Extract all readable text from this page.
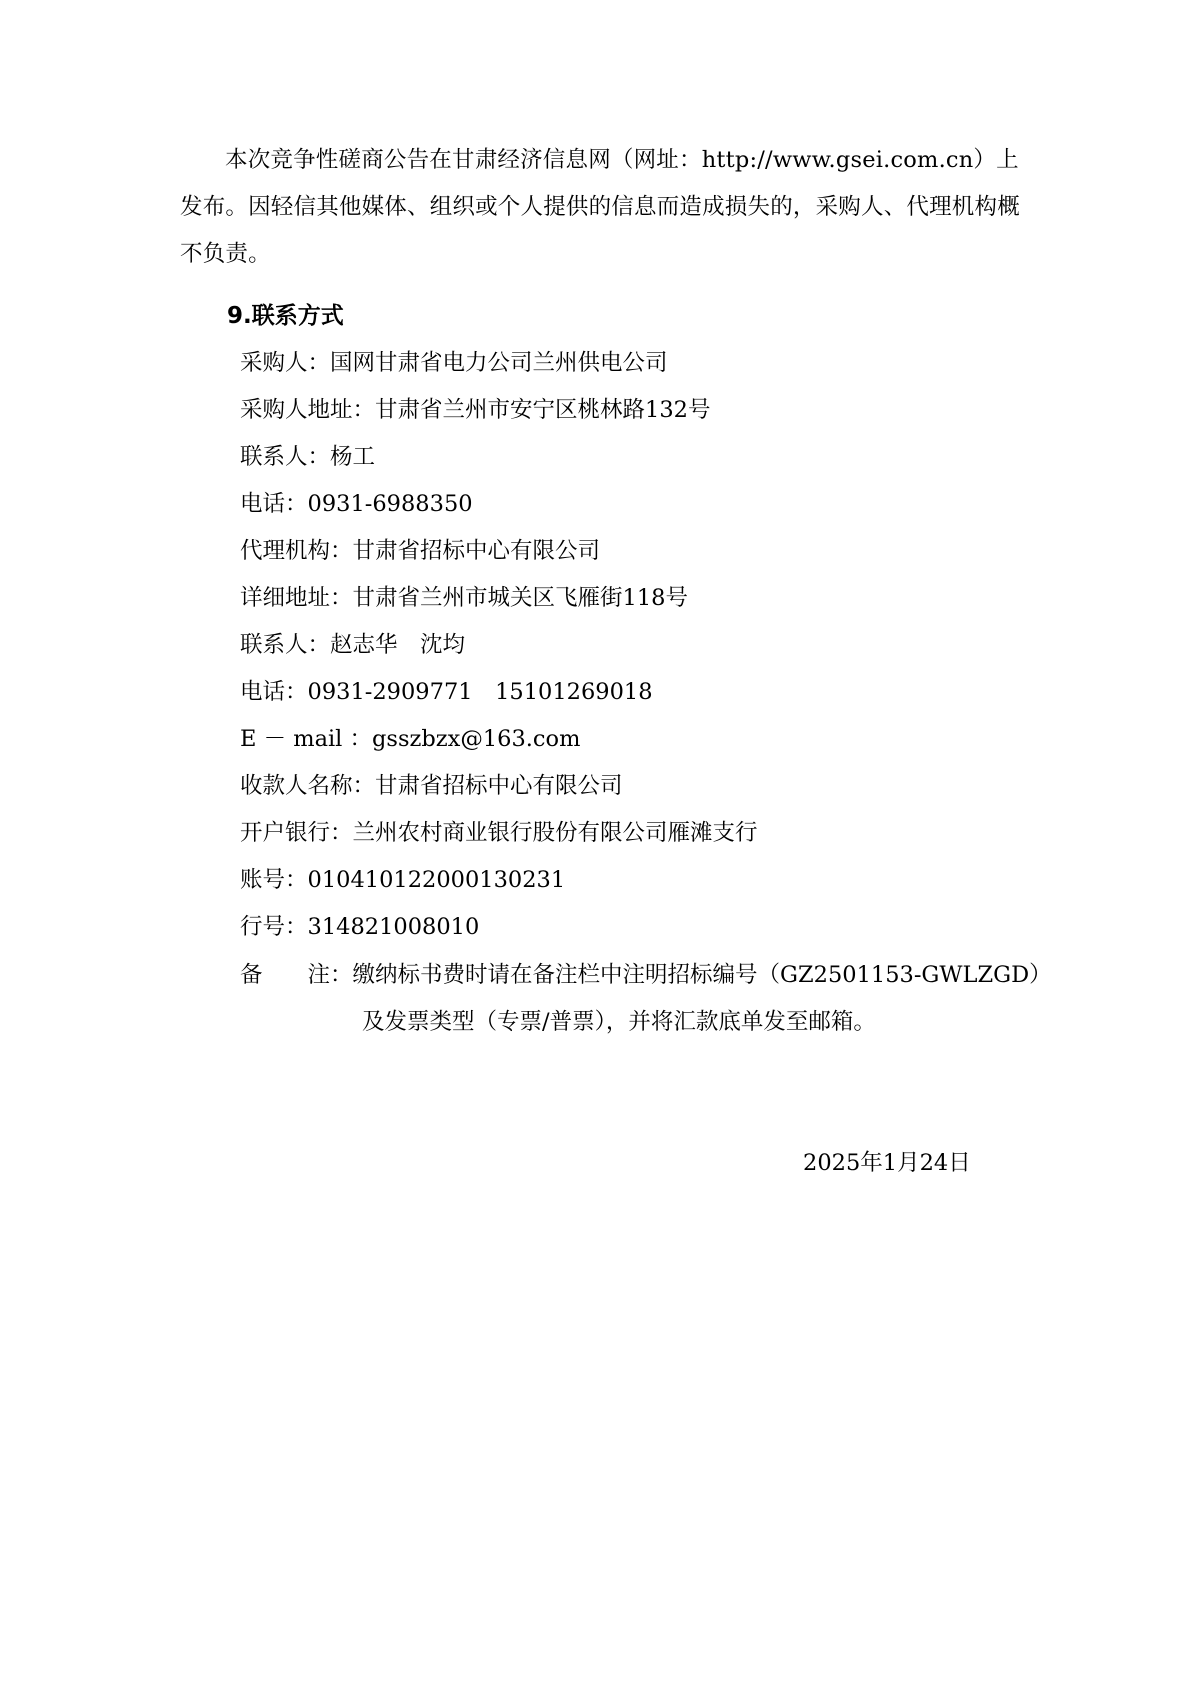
本次竞争性磋商公告在甘肃经济信息网（网址：http://www.gsei.com.cn）上发布。因轻信其他媒体、组织或个人提供的信息而造成损失的，采购人、代理机构概不负责。

9.联系方式
采购人：国网甘肃省电力公司兰州供电公司
采购人地址：甘肃省兰州市安宁区桃林路132号
联系人：杨工
电话：0931-6988350
代理机构：甘肃省招标中心有限公司
详细地址：甘肃省兰州市城关区飞雁街118号
联系人：赵志华　沈均
电话：0931-2909771　15101269018
E － mail ：gsszbzx@163.com
收款人名称：甘肃省招标中心有限公司
开户银行：兰州农村商业银行股份有限公司雁滩支行
账号：010410122000130231
行号：314821008010
备　　注： 缴纳标书费时请在备注栏中注明招标编号（GZ2501153-GWLZGD）
及发票类型（专票/普票），并将汇款底单发至邮箱。
2025年1月24日
